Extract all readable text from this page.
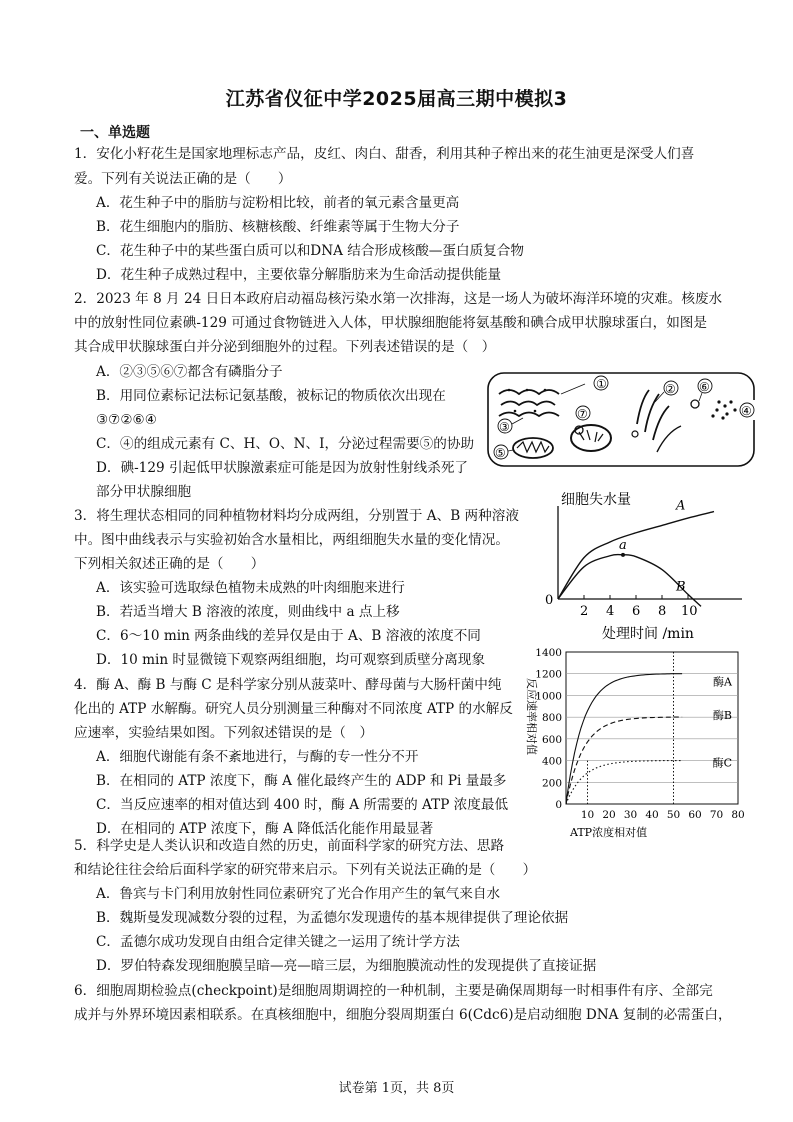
江苏省仪征中学2025届高三期中模拟3
一、单选题
1．安化小籽花生是国家地理标志产品，皮红、肉白、甜香，利用其种子榨出来的花生油更是深受人们喜
爱。下列有关说法正确的是（　　）
A．花生种子中的脂肪与淀粉相比较，前者的氧元素含量更高
B．花生细胞内的脂肪、核糖核酸、纤维素等属于生物大分子
C．花生种子中的某些蛋白质可以和DNA 结合形成核酸—蛋白质复合物
D．花生种子成熟过程中，主要依靠分解脂肪来为生命活动提供能量
2．2023 年 8 月 24 日日本政府启动福岛核污染水第一次排海，这是一场人为破坏海洋环境的灾难。核废水
中的放射性同位素碘-129 可通过食物链进入人体，甲状腺细胞能将氨基酸和碘合成甲状腺球蛋白，如图是
其合成甲状腺球蛋白并分泌到细胞外的过程。下列表述错误的是（　）
A．②③⑤⑥⑦都含有磷脂分子
B．用同位素标记法标记氨基酸，被标记的物质依次出现在
③⑦②⑥④
C．④的组成元素有 C、H、O、N、I，分泌过程需要⑤的协助
D．碘-129 引起低甲状腺激素症可能是因为放射性射线杀死了
部分甲状腺细胞
①
③
⑤
⑦
② ⑥
④
3．将生理状态相同的同种植物材料均分成两组，分别置于 A、B 两种溶液
中。图中曲线表示与实验初始含水量相比，两组细胞失水量的变化情况。
下列相关叙述正确的是（　　）
A．该实验可选取绿色植物未成熟的叶肉细胞来进行
B．若适当增大 B 溶液的浓度，则曲线中 a 点上移
C．6～10 min 两条曲线的差异仅是由于 A、B 溶液的浓度不同
D．10 min 时显微镜下观察两组细胞，均可观察到质壁分离现象
细胞失水量
0
处理时间 /min
2 4 6 8 10
A
B
a
4．酶 A、酶 B 与酶 C 是科学家分别从菠菜叶、酵母菌与大肠杆菌中纯
化出的 ATP 水解酶。研究人员分别测量三种酶对不同浓度 ATP 的水解反
应速率，实验结果如图。下列叙述错误的是（　）
A．细胞代谢能有条不紊地进行，与酶的专一性分不开
B．在相同的 ATP 浓度下，酶 A 催化最终产生的 ADP 和 Pi 量最多
C．当反应速率的相对值达到 400 时，酶 A 所需要的 ATP 浓度最低
D．在相同的 ATP 浓度下，酶 A 降低活化能作用最显著	ATP浓度相对值
反应速率相对值
0
200
400
600
800
1000
1200
1400
10 20 30 40 50 60 70 80
酶A
酶B
酶C
5．科学史是人类认识和改造自然的历史，前面科学家的研究方法、思路
和结论往往会给后面科学家的研究带来启示。下列有关说法正确的是（　　）
A．鲁宾与卡门利用放射性同位素研究了光合作用产生的氧气来自水
B．魏斯曼发现减数分裂的过程，为孟德尔发现遗传的基本规律提供了理论依据
C．孟德尔成功发现自由组合定律关键之一运用了统计学方法
D．罗伯特森发现细胞膜呈暗—亮—暗三层，为细胞膜流动性的发现提供了直接证据
6．细胞周期检验点(checkpoint)是细胞周期调控的一种机制，主要是确保周期每一时相事件有序、全部完
成并与外界环境因素相联系。在真核细胞中，细胞分裂周期蛋白 6(Cdc6)是启动细胞 DNA 复制的必需蛋白，
试卷第 1页，共 8页
